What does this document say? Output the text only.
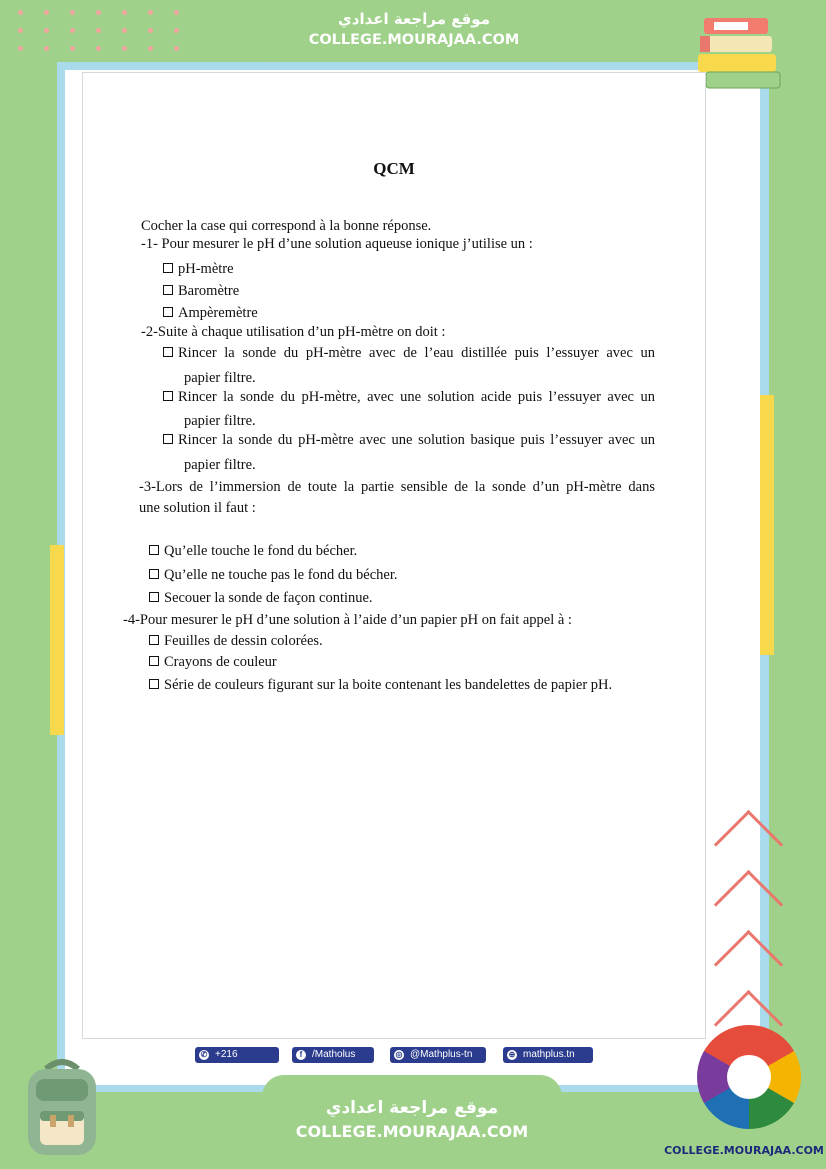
موقع مراجعة اعدادي
COLLEGE.MOURAJAA.COM
QCM
Cocher la case qui correspond à la bonne réponse.
-1- Pour mesurer le pH d’une solution aqueuse ionique j’utilise un :
pH-mètre
Baromètre
Ampèremètre
-2-Suite à chaque utilisation d’un pH-mètre on doit :
Rincer la sonde du pH-mètre avec de l’eau distillée puis l’essuyer avec un
papier filtre.
Rincer la sonde du pH-mètre, avec une solution acide puis l’essuyer avec un
papier filtre.
Rincer la sonde du pH-mètre avec une solution basique puis l’essuyer avec un
papier filtre.
-3-Lors de l’immersion de toute la partie sensible de la sonde d’un pH-mètre dans
une solution il faut :
Qu’elle touche le fond du bécher.
Qu’elle ne touche pas le fond du bécher.
Secouer la sonde de façon continue.
-4-Pour mesurer le pH d’une solution à l’aide d’un papier pH on fait appel à :
Feuilles de dessin colorées.
Crayons de couleur
Série de couleurs figurant sur la boite contenant les bandelettes de papier pH.
✆ +216 52061249
f /Matholus	◎ @Mathplus-tn	⊕ mathplus.tn
موقع مراجعة اعدادي
COLLEGE.MOURAJAA.COM
COLLEGE.MOURAJAA.COM
